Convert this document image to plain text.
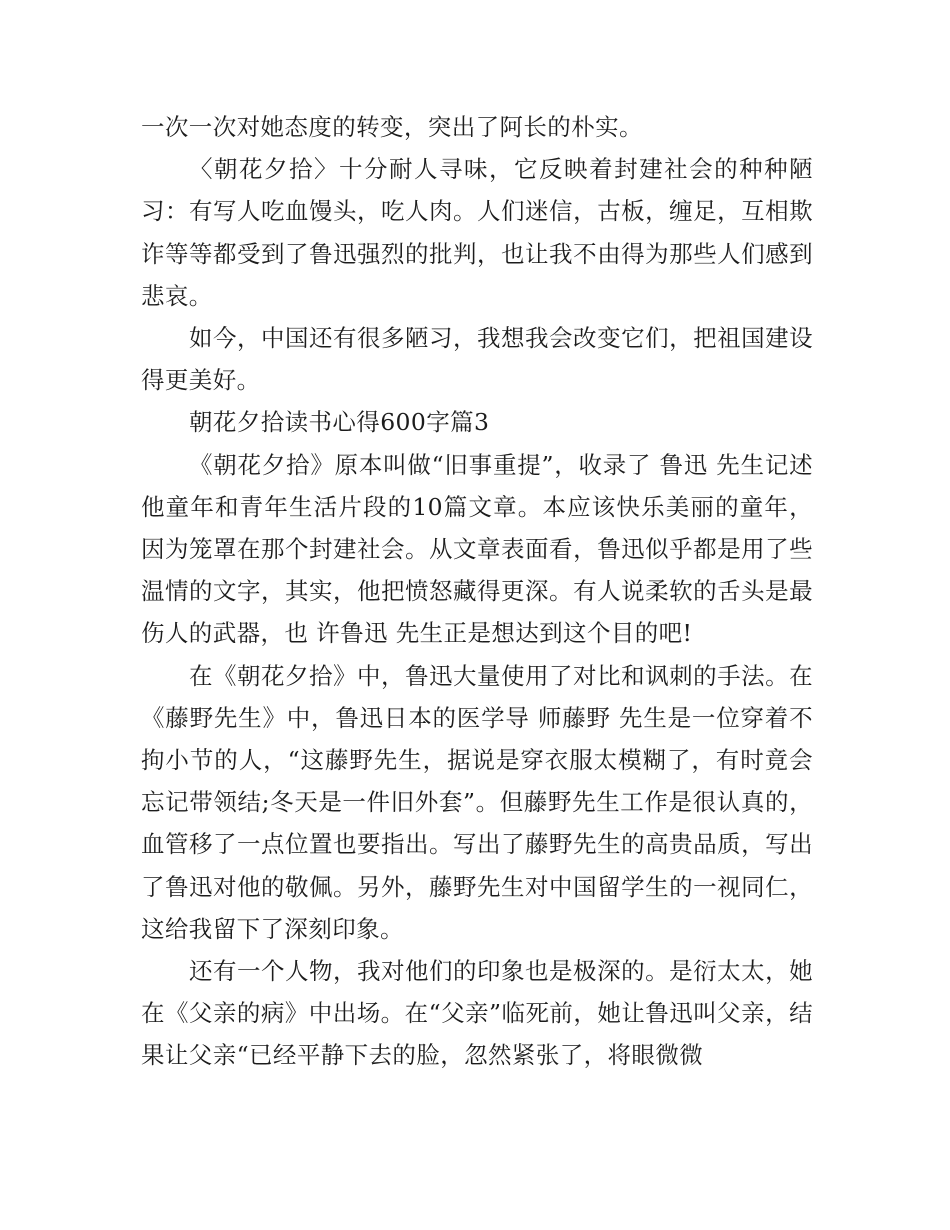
一次一次对她态度的转变，突出了阿长的朴实。

〈朝花夕拾〉十分耐人寻味，它反映着封建社会的种种陋习：有写人吃血馒头，吃人肉。人们迷信，古板，缠足，互相欺诈等等都受到了鲁迅强烈的批判，也让我不由得为那些人们感到悲哀。

如今，中国还有很多陋习，我想我会改变它们，把祖国建设得更美好。

朝花夕拾读书心得600字篇3

《朝花夕拾》原本叫做“旧事重提”，收录了 鲁迅 先生记述他童年和青年生活片段的10篇文章。本应该快乐美丽的童年，因为笼罩在那个封建社会。从文章表面看，鲁迅似乎都是用了些温情的文字，其实，他把愤怒藏得更深。有人说柔软的舌头是最伤人的武器，也 许鲁迅 先生正是想达到这个目的吧!

在《朝花夕拾》中，鲁迅大量使用了对比和讽刺的手法。在《藤野先生》中，鲁迅日本的医学导 师藤野 先生是一位穿着不拘小节的人，“这藤野先生，据说是穿衣服太模糊了，有时竟会忘记带领结;冬天是一件旧外套”。但藤野先生工作是很认真的，血管移了一点位置也要指出。写出了藤野先生的高贵品质，写出了鲁迅对他的敬佩。另外，藤野先生对中国留学生的一视同仁，这给我留下了深刻印象。

还有一个人物，我对他们的印象也是极深的。是衍太太，她在《父亲的病》中出场。在“父亲”临死前，她让鲁迅叫父亲，结果让父亲“已经平静下去的脸，忽然紧张了，将眼微微
